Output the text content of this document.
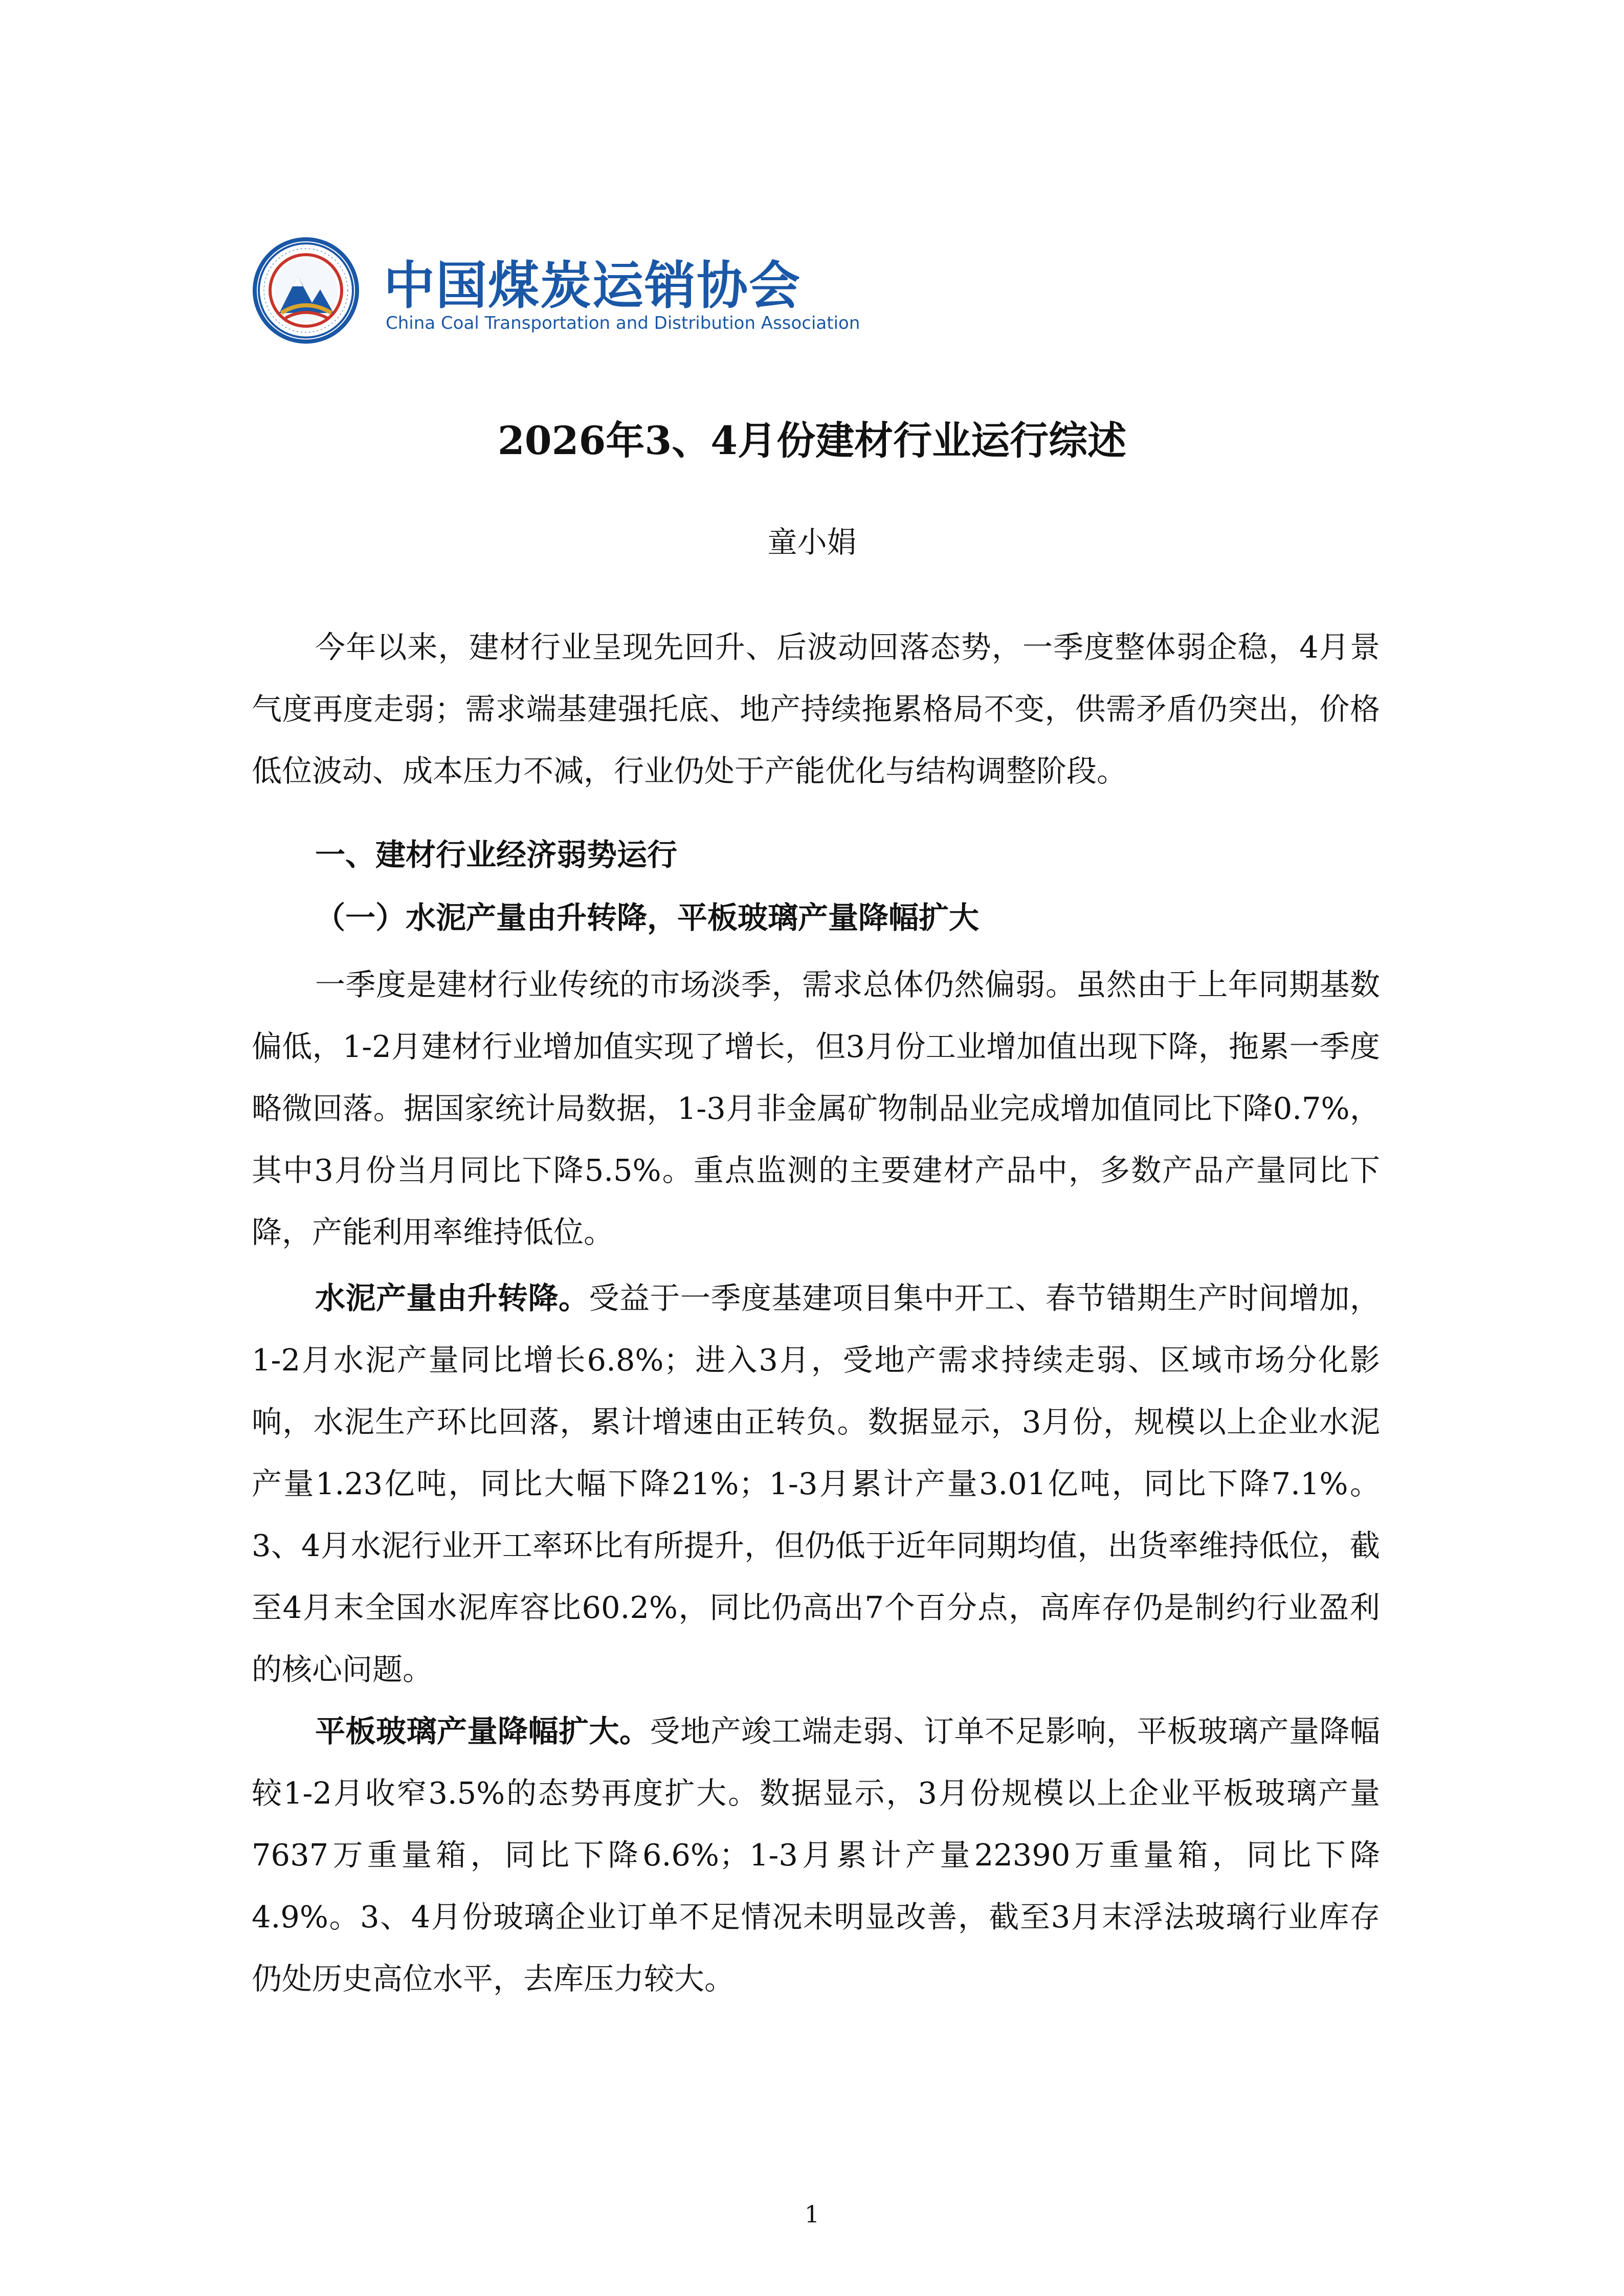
中国煤炭运销协会
China Coal Transportation and Distribution Association
2026年3、4月份建材行业运行综述
童小娟

今年以来，建材行业呈现先回升、后波动回落态势，一季度整体弱企稳，4月景气度再度走弱；需求端基建强托底、地产持续拖累格局不变，供需矛盾仍突出，价格低位波动、成本压力不减，行业仍处于产能优化与结构调整阶段。

一、建材行业经济弱势运行
（一）水泥产量由升转降，平板玻璃产量降幅扩大

一季度是建材行业传统的市场淡季，需求总体仍然偏弱。虽然由于上年同期基数偏低，1-2月建材行业增加值实现了增长，但3月份工业增加值出现下降，拖累一季度略微回落。据国家统计局数据，1-3月非金属矿物制品业完成增加值同比下降0.7%，其中3月份当月同比下降5.5%。重点监测的主要建材产品中，多数产品产量同比下降，产能利用率维持低位。

水泥产量由升转降。受益于一季度基建项目集中开工、春节错期生产时间增加，1-2月水泥产量同比增长6.8%；进入3月，受地产需求持续走弱、区域市场分化影响，水泥生产环比回落，累计增速由正转负。数据显示，3月份，规模以上企业水泥产量1.23亿吨，同比大幅下降21%；1-3月累计产量3.01亿吨，同比下降7.1%。3、4月水泥行业开工率环比有所提升，但仍低于近年同期均值，出货率维持低位，截至4月末全国水泥库容比60.2%，同比仍高出7个百分点，高库存仍是制约行业盈利的核心问题。

平板玻璃产量降幅扩大。受地产竣工端走弱、订单不足影响，平板玻璃产量降幅较1-2月收窄3.5%的态势再度扩大。数据显示，3月份规模以上企业平板玻璃产量7637万重量箱，同比下降6.6%；1-3月累计产量22390万重量箱，同比下降4.9%。3、4月份玻璃企业订单不足情况未明显改善，截至3月末浮法玻璃行业库存仍处历史高位水平，去库压力较大。

1
